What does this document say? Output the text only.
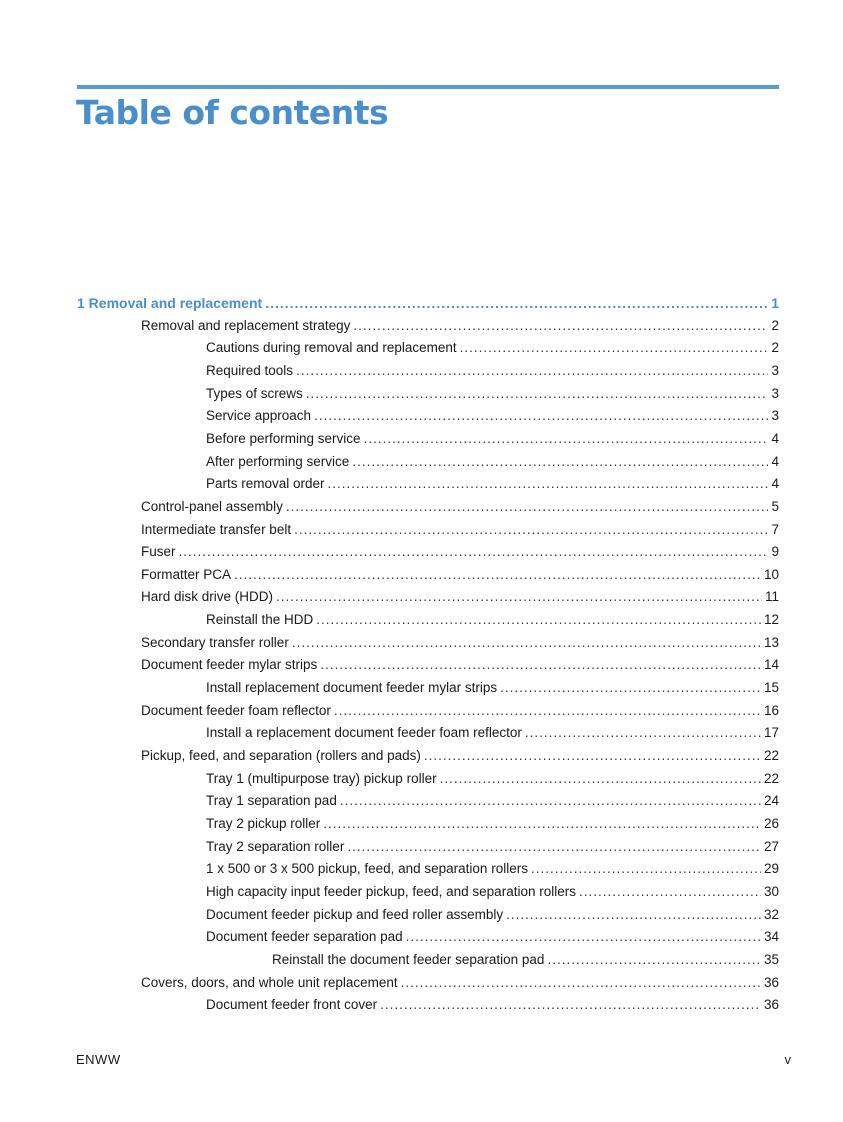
Table of contents
1 Removal and replacement .....	1
Removal and replacement strategy .....	2
Cautions during removal and replacement .....	2
Required tools .....	3
Types of screws .....	3
Service approach .....	3
Before performing service .....	4
After performing service .....	4
Parts removal order .....	4
Control-panel assembly .....	5
Intermediate transfer belt .....	7
Fuser .....	9
Formatter PCA .....	10
Hard disk drive (HDD) .....	11
Reinstall the HDD .....	12
Secondary transfer roller .....	13
Document feeder mylar strips .....	14
Install replacement document feeder mylar strips .....	15
Document feeder foam reflector .....	16
Install a replacement document feeder foam reflector .....	17
Pickup, feed, and separation (rollers and pads) .....	22
Tray 1 (multipurpose tray) pickup roller .....	22
Tray 1 separation pad .....	24
Tray 2 pickup roller .....	26
Tray 2 separation roller .....	27
1 x 500 or 3 x 500 pickup, feed, and separation rollers .....	29
High capacity input feeder pickup, feed, and separation rollers .....	30
Document feeder pickup and feed roller assembly .....	32
Document feeder separation pad .....	34
Reinstall the document feeder separation pad .....	35
Covers, doors, and whole unit replacement .....	36
Document feeder front cover .....	36
ENWW	v
